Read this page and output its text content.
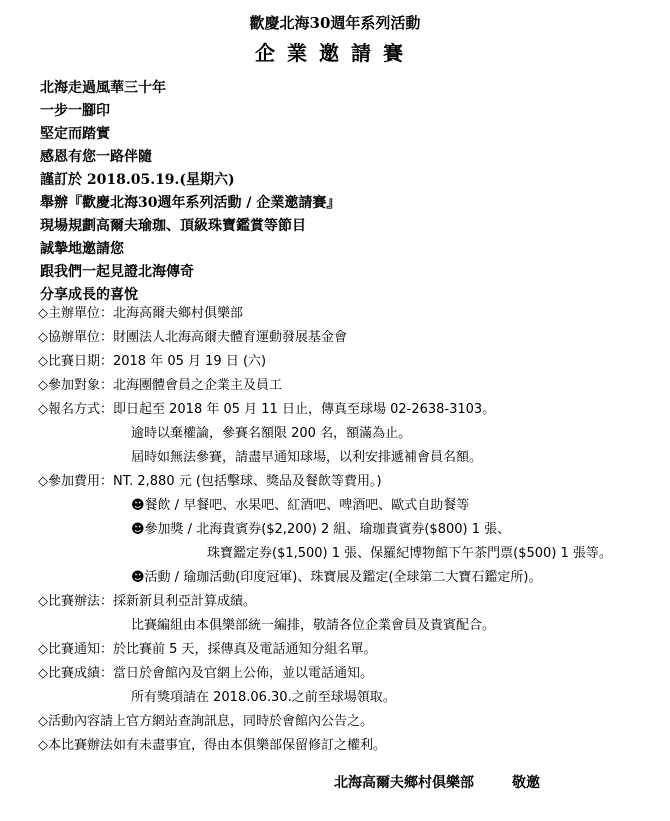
歡慶北海30週年系列活動
企業邀請賽
北海走過風華三十年
一步一腳印
堅定而踏實
感恩有您一路伴隨
謹訂於 2018.05.19.(星期六)
舉辦『歡慶北海30週年系列活動 / 企業邀請賽』
現場規劃高爾夫瑜珈、頂級珠寶鑑賞等節目
誠摯地邀請您
跟我們一起見證北海傳奇
分享成長的喜悅
◇主辦單位：北海高爾夫鄉村俱樂部
◇協辦單位：財團法人北海高爾夫體育運動發展基金會
◇比賽日期：2018 年 05 月 19 日 (六)
◇參加對象：北海團體會員之企業主及員工
◇報名方式：即日起至 2018 年 05 月 11 日止，傳真至球場 02-2638-3103。
逾時以棄權論，參賽名額限 200 名，額滿為止。
屆時如無法參賽，請盡早通知球場，以利安排遞補會員名額。
◇參加費用：NT. 2,880 元 (包括擊球、獎品及餐飲等費用。)
☻餐飲 / 早餐吧、水果吧、紅酒吧、啤酒吧、歐式自助餐等
☻參加獎 / 北海貴賓券($2,200) 2 組、瑜珈貴賓券($800) 1 張、
珠寶鑑定券($1,500) 1 張、保羅紀博物館下午茶門票($500) 1 張等。
☻活動 / 瑜珈活動(印度冠軍)、珠寶展及鑑定(全球第二大寶石鑑定所)。
◇比賽辦法：採新新貝利亞計算成績。
比賽編組由本俱樂部統一編排，敬請各位企業會員及貴賓配合。
◇比賽通知：於比賽前 5 天，採傳真及電話通知分組名單。
◇比賽成績：當日於會館內及官網上公佈，並以電話通知。
所有獎項請在 2018.06.30.之前至球場領取。
◇活動內容請上官方網站查詢訊息，同時於會館內公告之。
◇本比賽辦法如有未盡事宜，得由本俱樂部保留修訂之權利。
北海高爾夫鄉村俱樂部	敬邀
